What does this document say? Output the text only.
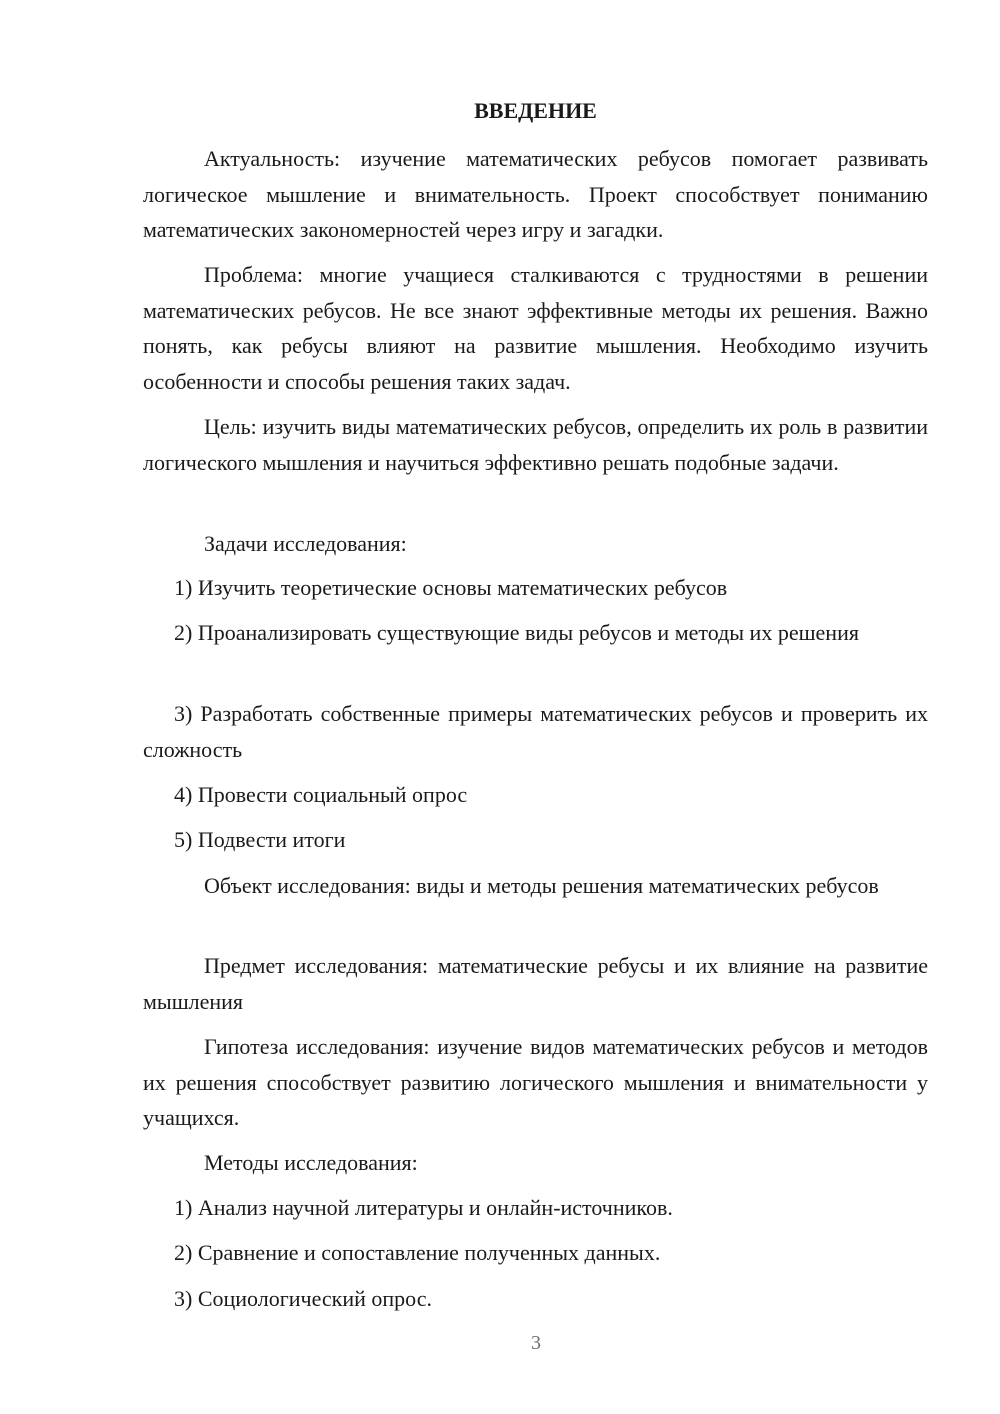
ВВЕДЕНИЕ

Актуальность: изучение математических ребусов помогает развивать логическое мышление и внимательность. Проект способствует пониманию математических закономерностей через игру и загадки.

Проблема: многие учащиеся сталкиваются с трудностями в решении математических ребусов. Не все знают эффективные методы их решения. Важно понять, как ребусы влияют на развитие мышления. Необходимо изучить особенности и способы решения таких задач.

Цель: изучить виды математических ребусов, определить их роль в развитии логического мышления и научиться эффективно решать подобные задачи.

Задачи исследования:

1) Изучить теоретические основы математических ребусов

2) Проанализировать существующие виды ребусов и методы их решения

3) Разработать собственные примеры математических ребусов и проверить их сложность

4) Провести социальный опрос

5) Подвести итоги

Объект исследования: виды и методы решения математических ребусов

Предмет исследования: математические ребусы и их влияние на развитие мышления

Гипотеза исследования: изучение видов математических ребусов и методов их решения способствует развитию логического мышления и внимательности у учащихся.

Методы исследования:

1) Анализ научной литературы и онлайн-источников.

2) Сравнение и сопоставление полученных данных.

3) Социологический опрос.

3
